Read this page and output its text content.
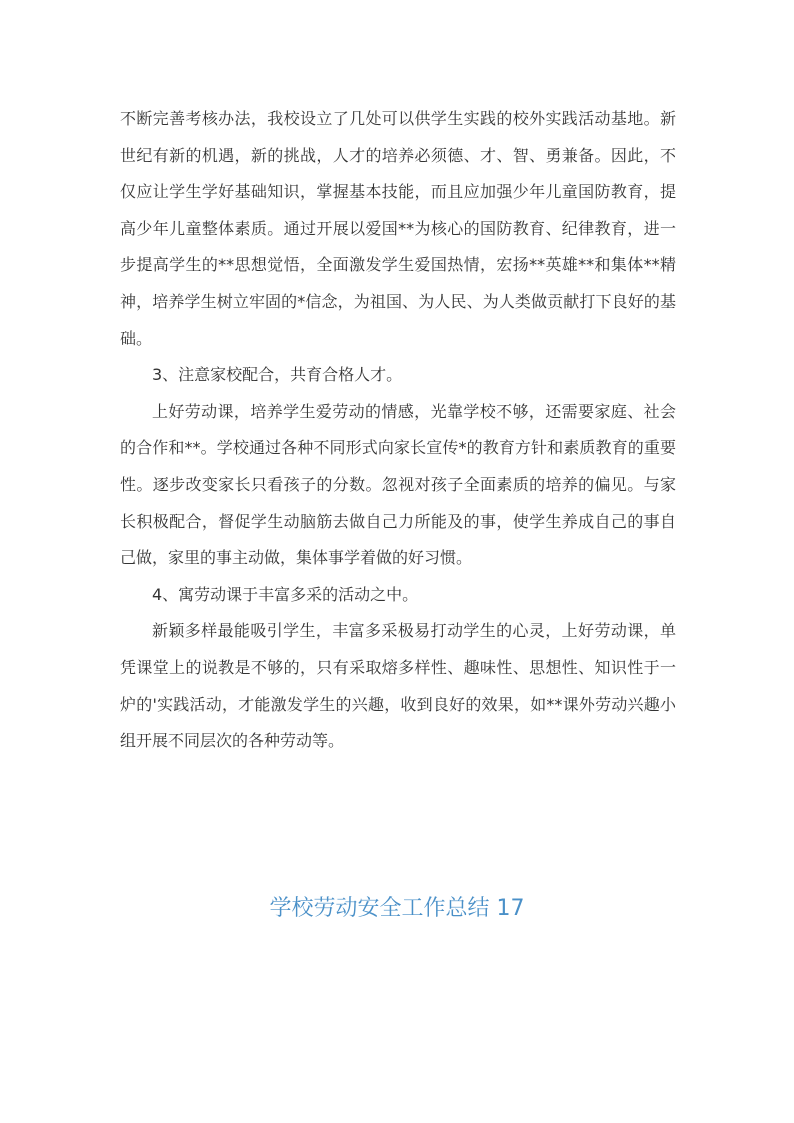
不断完善考核办法，我校设立了几处可以供学生实践的校外实践活动基地。新世纪有新的机遇，新的挑战，人才的培养必须德、才、智、勇兼备。因此，不仅应让学生学好基础知识，掌握基本技能，而且应加强少年儿童国防教育，提高少年儿童整体素质。通过开展以爱国**为核心的国防教育、纪律教育，进一步提高学生的**思想觉悟，全面激发学生爱国热情，宏扬**英雄**和集体**精神，培养学生树立牢固的*信念，为祖国、为人民、为人类做贡献打下良好的基础。

3、注意家校配合，共育合格人才。

上好劳动课，培养学生爱劳动的情感，光靠学校不够，还需要家庭、社会的合作和**。学校通过各种不同形式向家长宣传*的教育方针和素质教育的重要性。逐步改变家长只看孩子的分数。忽视对孩子全面素质的培养的偏见。与家长积极配合，督促学生动脑筋去做自己力所能及的事，使学生养成自己的事自己做，家里的事主动做，集体事学着做的好习惯。

4、寓劳动课于丰富多采的活动之中。

新颖多样最能吸引学生，丰富多采极易打动学生的心灵，上好劳动课，单凭课堂上的说教是不够的，只有采取熔多样性、趣味性、思想性、知识性于一炉的'实践活动，才能激发学生的兴趣，收到良好的效果，如**课外劳动兴趣小组开展不同层次的各种劳动等。

学校劳动安全工作总结 17
